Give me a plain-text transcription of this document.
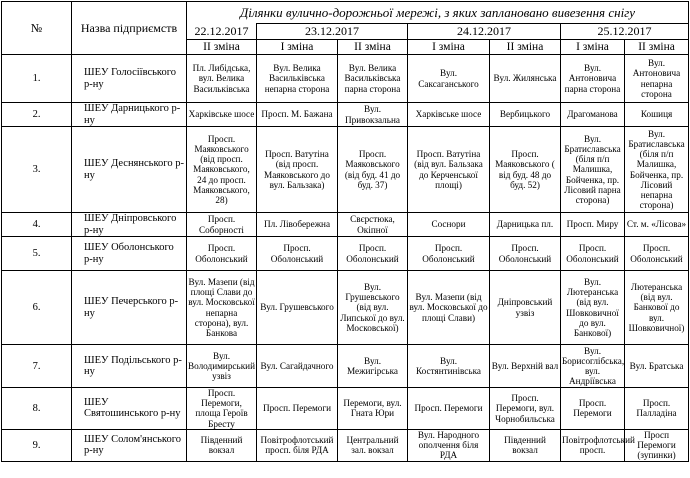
№	Назва підприємств	Ділянки вулично-дорожньої мережі, з яких заплановано вивезення снігу						
		22.12.2017	23.12.2017		24.12.2017		25.12.2017	
		ІІ зміна	І зміна	ІІ зміна	І зміна	ІІ зміна	І зміна	ІІ зміна
1.	ШЕУ Голосіївського р-ну	Пл. Либідська, вул. Велика Васильківська	Вул. Велика Васильківська непарна сторона	Вул. Велика Васильківська парна сторона	Вул. Саксаганського	Вул. Жилянська	Вул. Антоновича парна сторона	Вул. Антоновича непарна сторона
2.	ШЕУ Дарницького р-ну	Харківське шосе	Просп. М. Бажана	Вул. Привокзальна	Харківське шосе	Вербицького	Драгоманова	Кошиця
3.	ШЕУ Деснянського р-ну	Просп. Маяковського (від просп. Маяковського, 24 до просп. Маяковського, 28)	Просп. Ватутіна (від просп. Маяковського до вул. Бальзака)	Просп. Маяковського (від буд. 41 до буд. 37)	Просп. Ватутіна (від вул. Бальзака до Керченської площі)	Просп. Маяковського ( від буд. 48 до буд. 52)	Вул. Братиславська (біля п/п Малишка, Бойченка, пр. Лісовий парна сторона)	Вул. Братиславська (біля п/п Малишка, Бойченка, пр. Лісовий непарна сторона)
4.	ШЕУ Дніпровського р-ну	Просп. Соборності	Пл. Лівобережна	Свєрстюка, Окіпної	Соснори	Дарницька пл.	Просп. Миру	Ст. м. «Лісова»
5.	ШЕУ Оболонського р-ну	Просп. Оболонський	Просп. Оболонський	Просп. Оболонський	Просп. Оболонський	Просп. Оболонський	Просп. Оболонський	Просп. Оболонський
6.	ШЕУ Печерського р-ну	Вул. Мазепи (від площі Слави до вул. Московської непарна сторона), вул. Банкова	Вул. Грушевського	Вул. Грушевського (від вул. Липської до вул. Московської)	Вул. Мазепи (від вул. Московської до площі Слави)	Дніпровський узвіз	Вул. Лютеранська (від вул. Шовковичної до вул. Банкової)	Лютеранська (від вул. Банкової до вул. Шовковичної)
7.	ШЕУ Подільського р-ну	Вул. Володимирський узвіз	Вул. Сагайдачного	Вул. Межигірська	Вул. Костянтинівська	Вул. Верхній вал	Вул. Борисоглібська, вул. Андріївська	Вул. Братська
8.	ШЕУ Святошинського р-ну	Просп. Перемоги, площа Героїв Бресту	Просп. Перемоги	Перемоги, вул. Гната Юри	Просп. Перемоги	Просп. Перемоги, вул. Чорнобильська	Просп. Перемоги	Просп. Палладіна
9.	ШЕУ Солом'янського р-ну	Південний вокзал	Повітрофлотський просп. біля РДА	Центральний зал. вокзал	Вул. Народного ополчення біля РДА	Південний вокзал	Повітрофлотський просп.	Просп Перемоги (зупинки)
